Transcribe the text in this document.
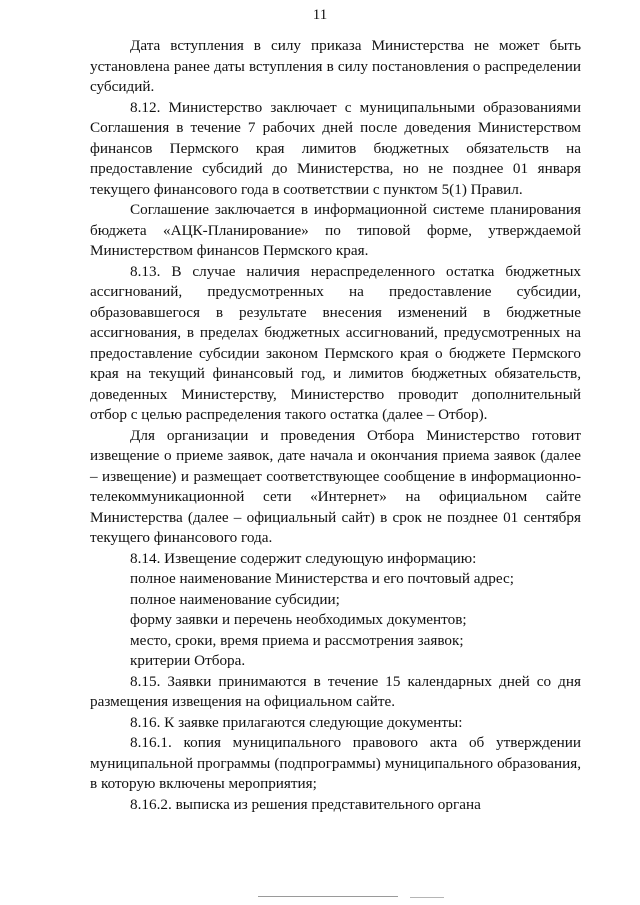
11

Дата вступления в силу приказа Министерства не может быть установлена ранее даты вступления в силу постановления о распределении субсидий.

8.12. Министерство заключает с муниципальными образованиями Соглашения в течение 7 рабочих дней после доведения Министерством финансов Пермского края лимитов бюджетных обязательств на предоставление субсидий до Министерства, но не позднее 01 января текущего финансового года в соответствии с пунктом 5(1) Правил.

Соглашение заключается в информационной системе планирования бюджета «АЦК-Планирование» по типовой форме, утверждаемой Министерством финансов Пермского края.

8.13. В случае наличия нераспределенного остатка бюджетных ассигнований, предусмотренных на предоставление субсидии, образовавшегося в результате внесения изменений в бюджетные ассигнования, в пределах бюджетных ассигнований, предусмотренных на предоставление субсидии законом Пермского края о бюджете Пермского края на текущий финансовый год, и лимитов бюджетных обязательств, доведенных Министерству, Министерство проводит дополнительный отбор с целью распределения такого остатка (далее – Отбор).

Для организации и проведения Отбора Министерство готовит извещение о приеме заявок, дате начала и окончания приема заявок (далее – извещение) и размещает соответствующее сообщение в информационно-телекоммуникационной сети «Интернет» на официальном сайте Министерства (далее – официальный сайт) в срок не позднее 01 сентября текущего финансового года.

8.14. Извещение содержит следующую информацию:

полное наименование Министерства и его почтовый адрес;

полное наименование субсидии;

форму заявки и перечень необходимых документов;

место, сроки, время приема и рассмотрения заявок;

критерии Отбора.

8.15. Заявки принимаются в течение 15 календарных дней со дня размещения извещения на официальном сайте.

8.16. К заявке прилагаются следующие документы:

8.16.1. копия муниципального правового акта об утверждении муниципальной программы (подпрограммы) муниципального образования, в которую включены мероприятия;

8.16.2. выписка из решения представительного органа
